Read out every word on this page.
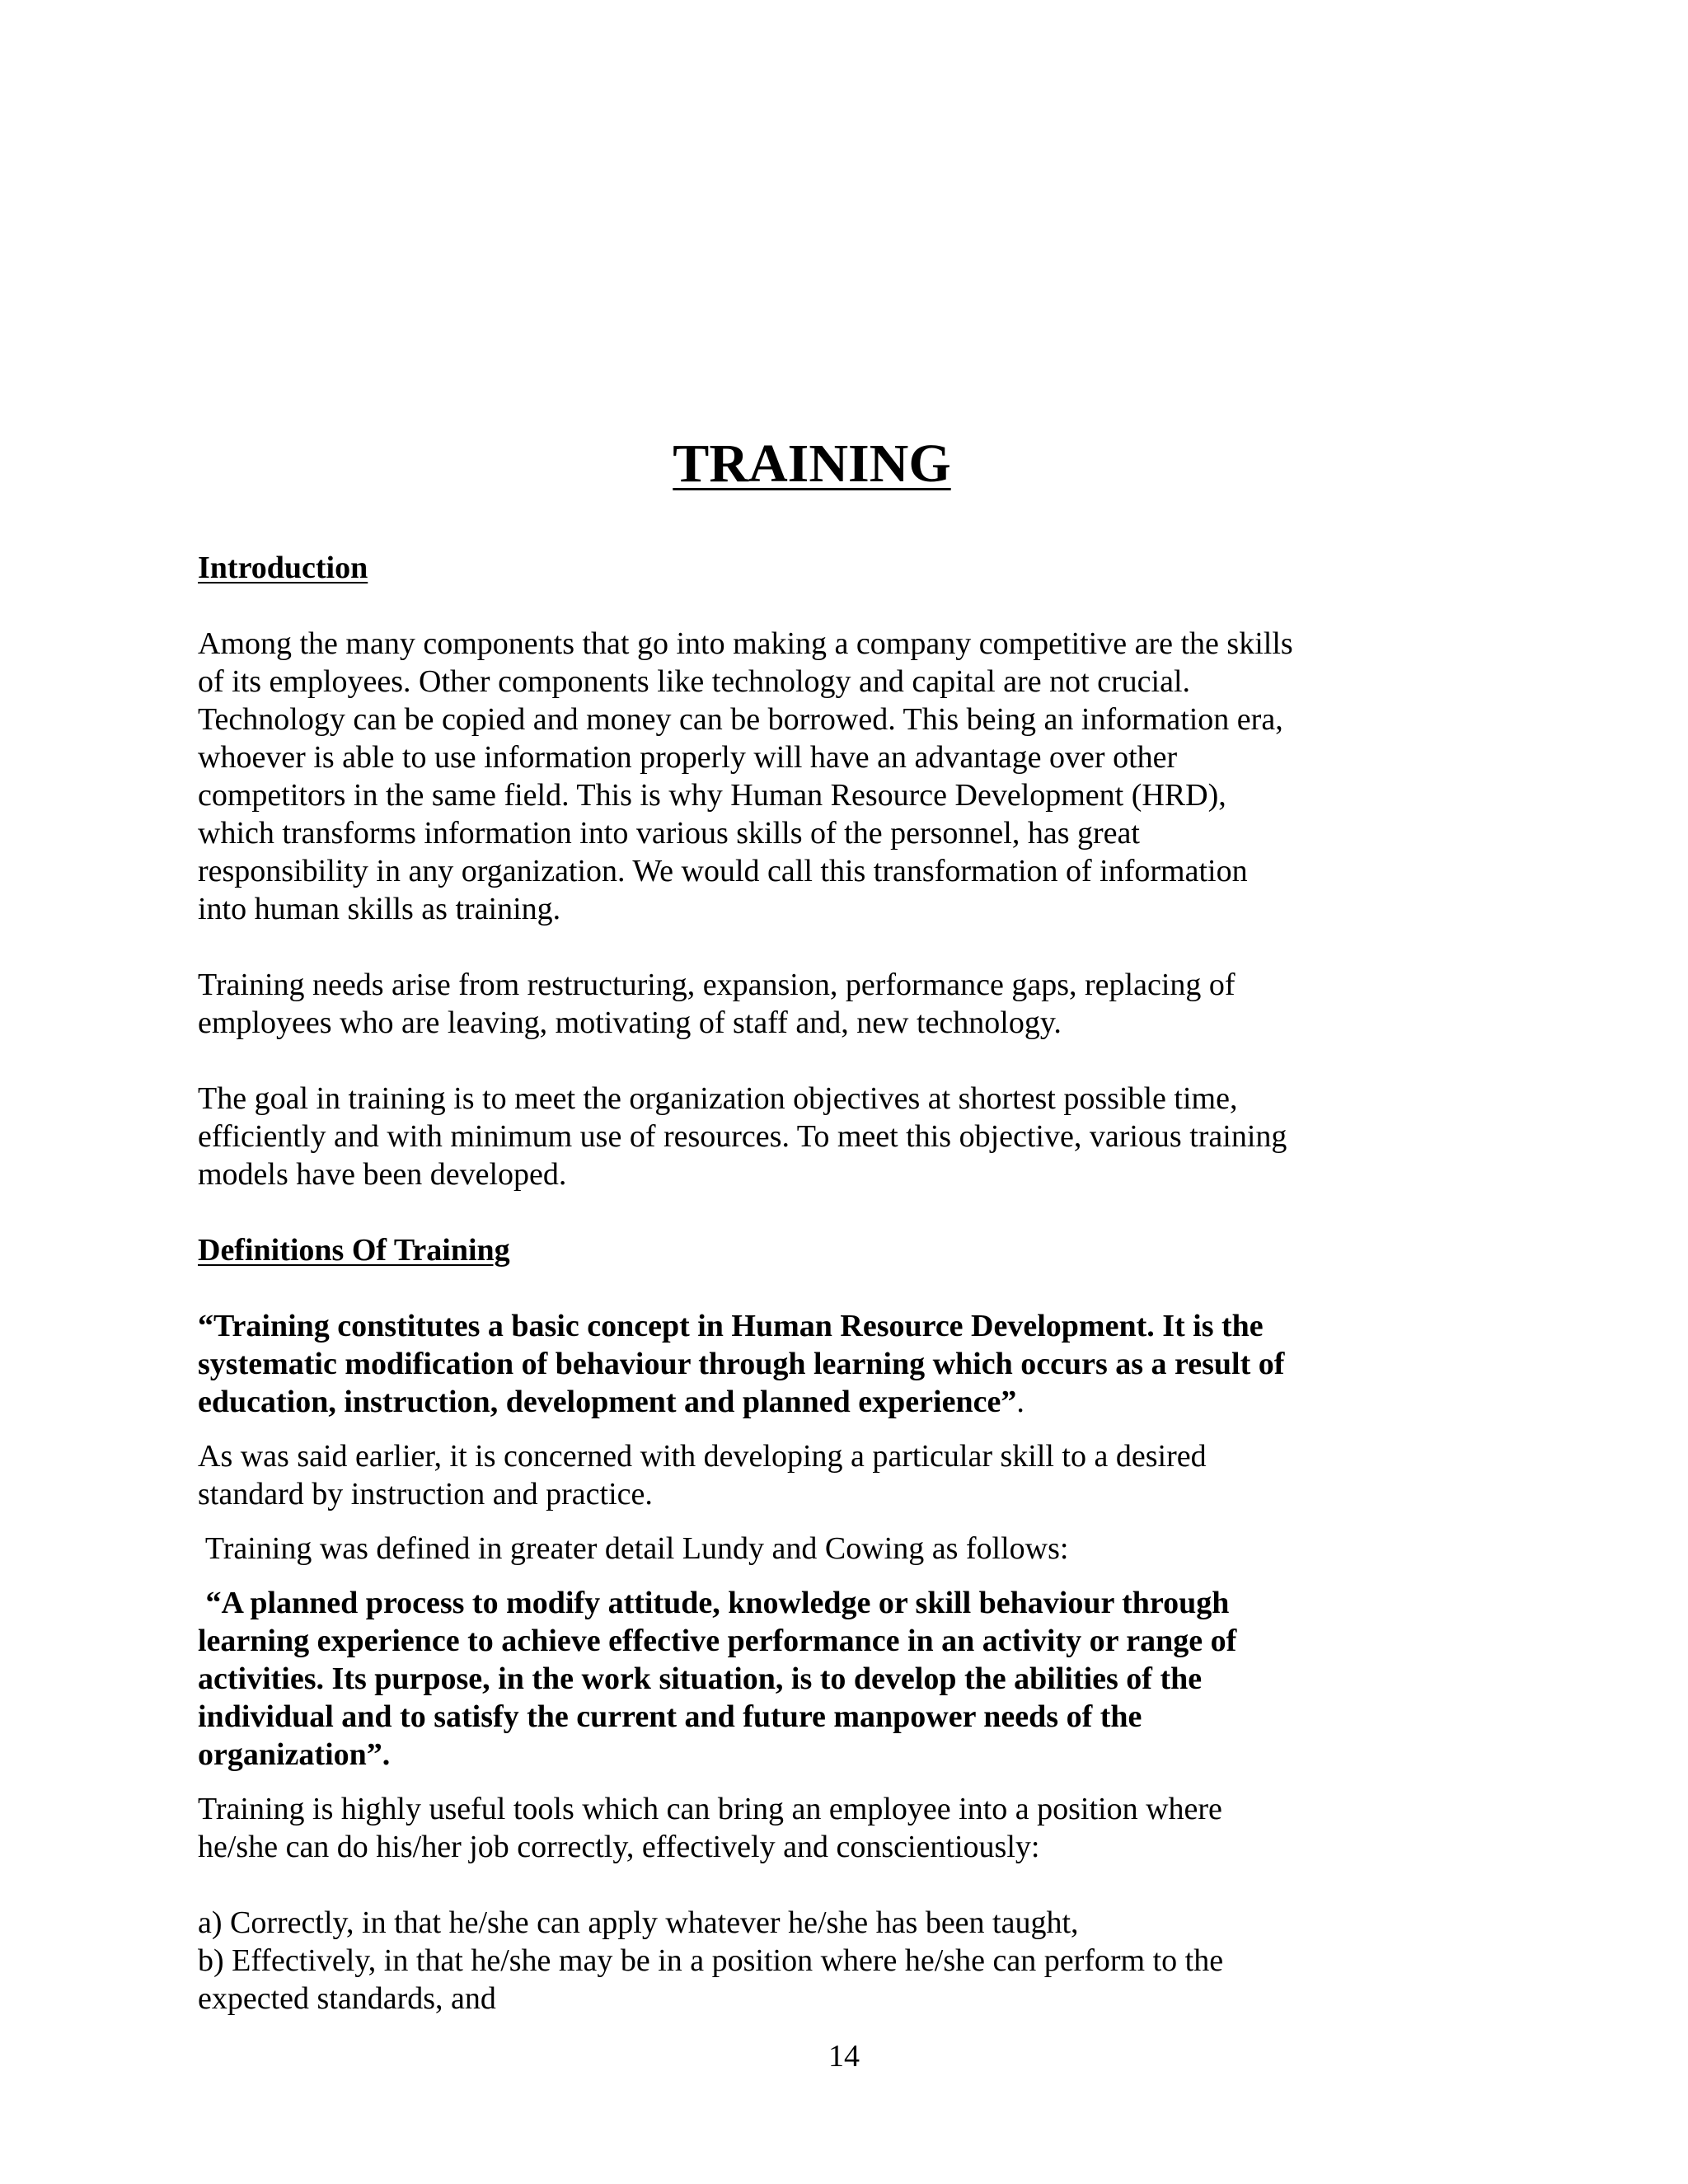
TRAINING

Introduction

Among the many components that go into making a company competitive are the skills
of its employees. Other components like technology and capital are not crucial.
Technology can be copied and money can be borrowed. This being an information era,
whoever is able to use information properly will have an advantage over other
competitors in the same field. This is why Human Resource Development (HRD),
which transforms information into various skills of the personnel, has great
responsibility in any organization. We would call this transformation of information
into human skills as training.

Training needs arise from restructuring, expansion, performance gaps, replacing of
employees who are leaving, motivating of staff and, new technology.

The goal in training is to meet the organization objectives at shortest possible time,
efficiently and with minimum use of resources. To meet this objective, various training
models have been developed.

Definitions Of Training

“Training constitutes a basic concept in Human Resource Development. It is the
systematic modification of behaviour through learning which occurs as a result of
education, instruction, development and planned experience”.

As was said earlier, it is concerned with developing a particular skill to a desired
standard by instruction and practice.

Training was defined in greater detail Lundy and Cowing as follows:

“A planned process to modify attitude, knowledge or skill behaviour through
learning experience to achieve effective performance in an activity or range of
activities. Its purpose, in the work situation, is to develop the abilities of the
individual and to satisfy the current and future manpower needs of the
organization”.

Training is highly useful tools which can bring an employee into a position where
he/she can do his/her job correctly, effectively and conscientiously:

a) Correctly, in that he/she can apply whatever he/she has been taught,
b) Effectively, in that he/she may be in a position where he/she can perform to the
expected standards, and

14
